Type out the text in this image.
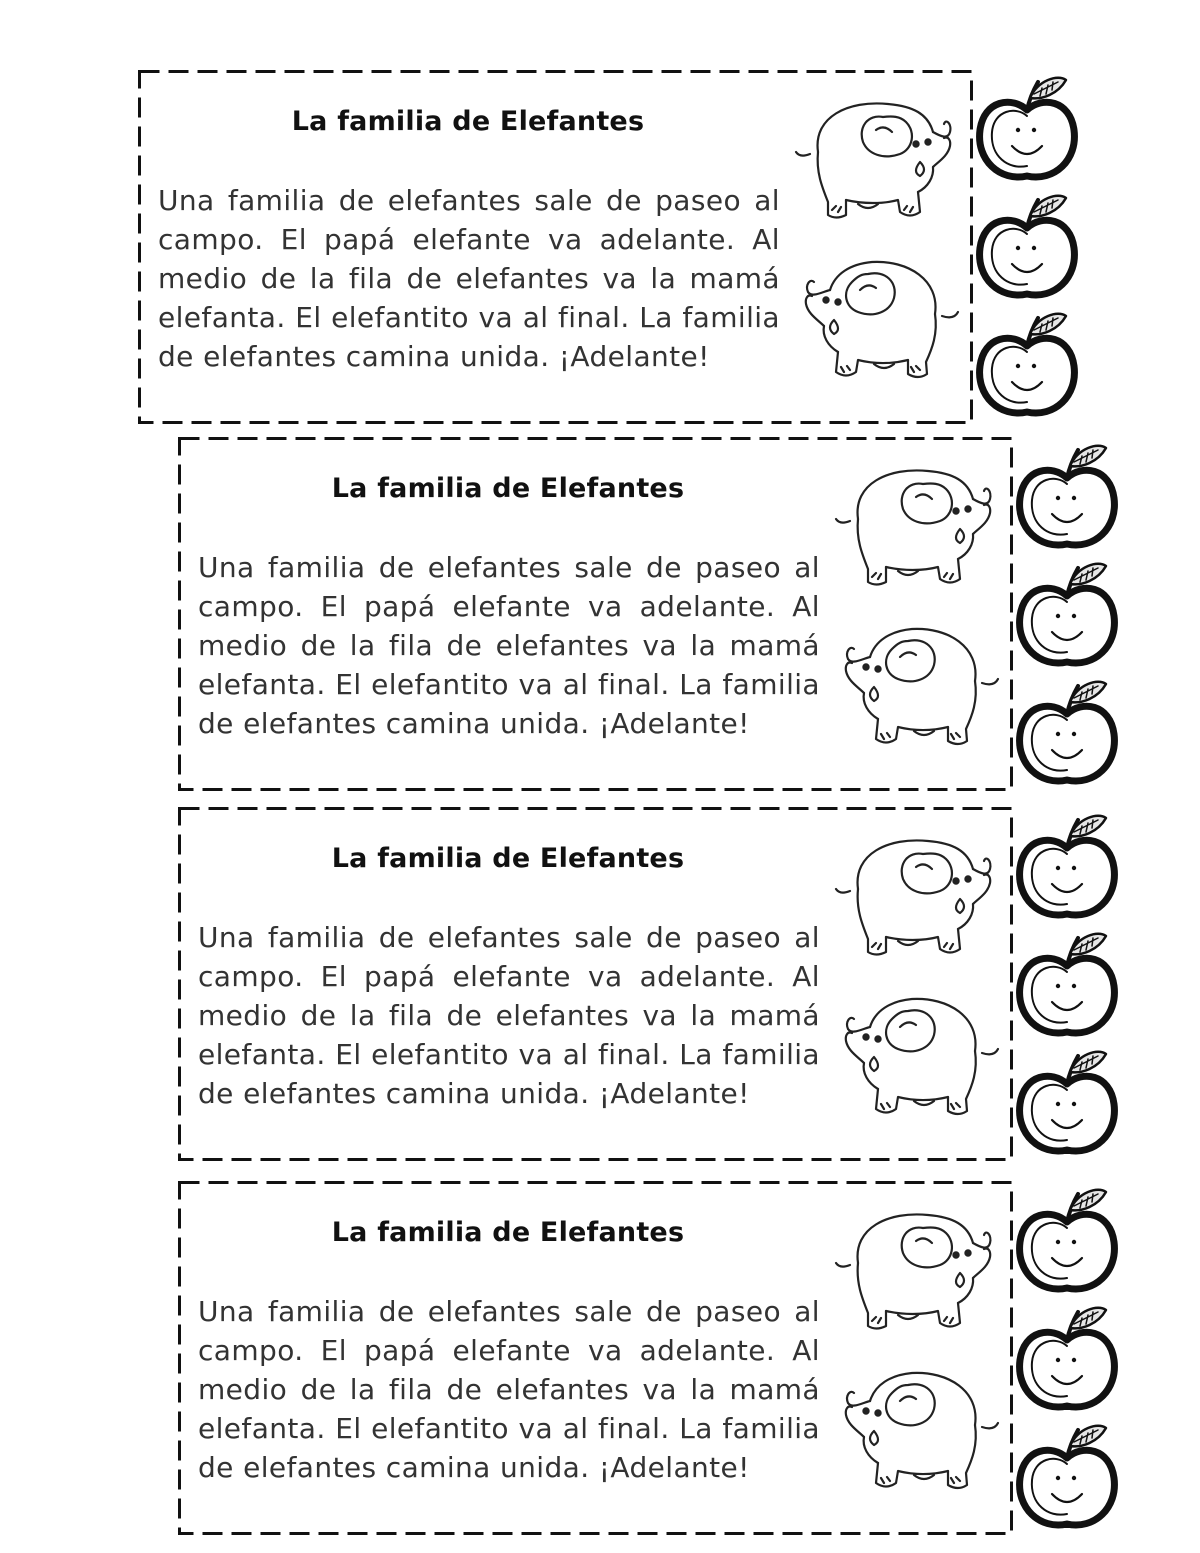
La familia de Elefantes
Una familia de elefantes sale de paseo al campo. El papá elefante va adelante. Al medio de la fila de elefantes va la mamá elefanta. El elefantito va al final. La familia de elefantes camina unida. ¡Adelante!
La familia de Elefantes
Una familia de elefantes sale de paseo al campo. El papá elefante va adelante. Al medio de la fila de elefantes va la mamá elefanta. El elefantito va al final. La familia de elefantes camina unida. ¡Adelante!
La familia de Elefantes
Una familia de elefantes sale de paseo al campo. El papá elefante va adelante. Al medio de la fila de elefantes va la mamá elefanta. El elefantito va al final. La familia de elefantes camina unida. ¡Adelante!
La familia de Elefantes
Una familia de elefantes sale de paseo al campo. El papá elefante va adelante. Al medio de la fila de elefantes va la mamá elefanta. El elefantito va al final. La familia de elefantes camina unida. ¡Adelante!
